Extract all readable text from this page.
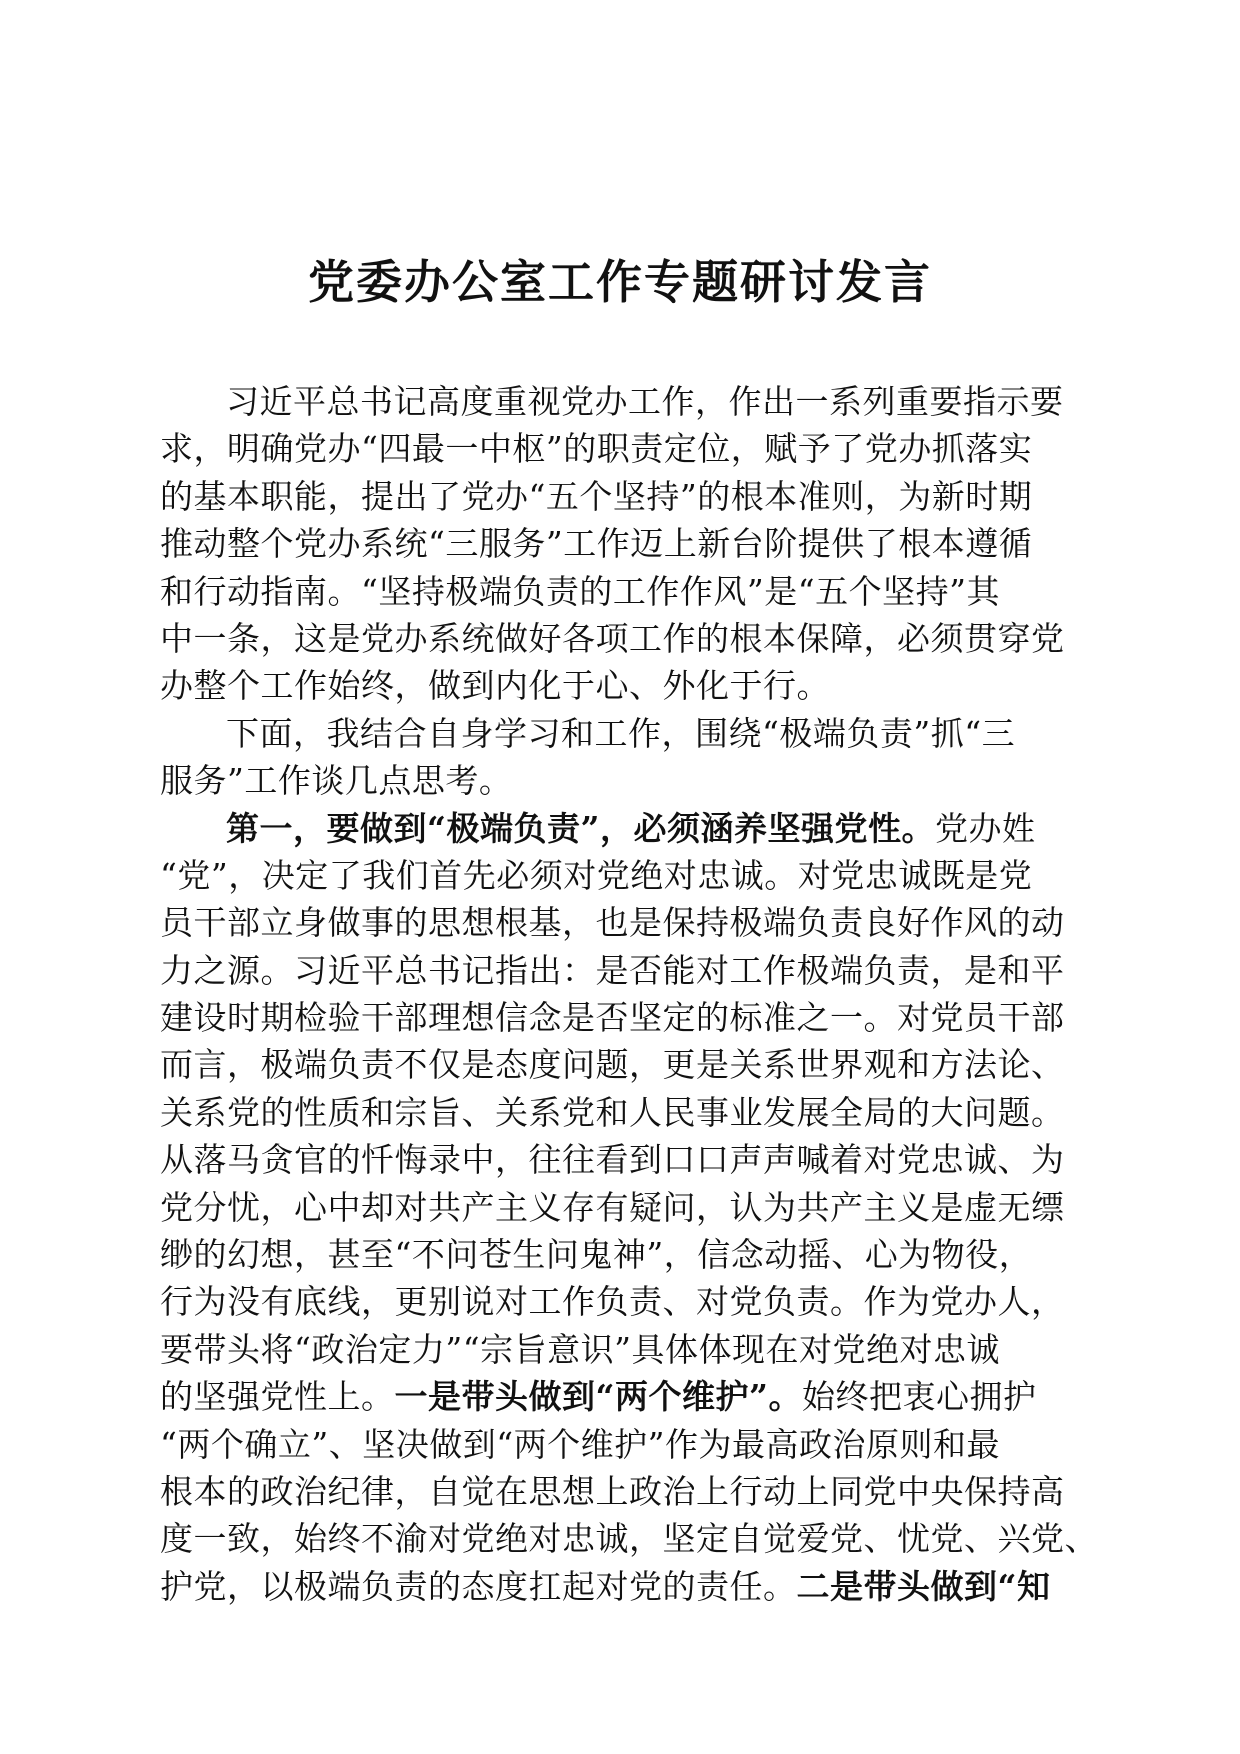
党委办公室工作专题研讨发言
习近平总书记高度重视党办工作，作出一系列重要指示要
求，明确党办“四最一中枢”的职责定位，赋予了党办抓落实
的基本职能，提出了党办“五个坚持”的根本准则，为新时期
推动整个党办系统“三服务”工作迈上新台阶提供了根本遵循
和行动指南。“坚持极端负责的工作作风”是“五个坚持”其
中一条，这是党办系统做好各项工作的根本保障，必须贯穿党
办整个工作始终，做到内化于心、外化于行。
下面，我结合自身学习和工作，围绕“极端负责”抓“三
服务”工作谈几点思考。
第一，要做到“极端负责”，必须涵养坚强党性。党办姓
“党”，决定了我们首先必须对党绝对忠诚。对党忠诚既是党
员干部立身做事的思想根基，也是保持极端负责良好作风的动
力之源。习近平总书记指出：是否能对工作极端负责，是和平
建设时期检验干部理想信念是否坚定的标准之一。对党员干部
而言，极端负责不仅是态度问题，更是关系世界观和方法论、
关系党的性质和宗旨、关系党和人民事业发展全局的大问题。
从落马贪官的忏悔录中，往往看到口口声声喊着对党忠诚、为
党分忧，心中却对共产主义存有疑问，认为共产主义是虚无缥
缈的幻想，甚至“不问苍生问鬼神”，信念动摇、心为物役，
行为没有底线，更别说对工作负责、对党负责。作为党办人，
要带头将“政治定力”“宗旨意识”具体体现在对党绝对忠诚
的坚强党性上。一是带头做到“两个维护”。始终把衷心拥护
“两个确立”、坚决做到“两个维护”作为最高政治原则和最
根本的政治纪律，自觉在思想上政治上行动上同党中央保持高
度一致，始终不渝对党绝对忠诚，坚定自觉爱党、忧党、兴党、
护党，以极端负责的态度扛起对党的责任。二是带头做到“知
